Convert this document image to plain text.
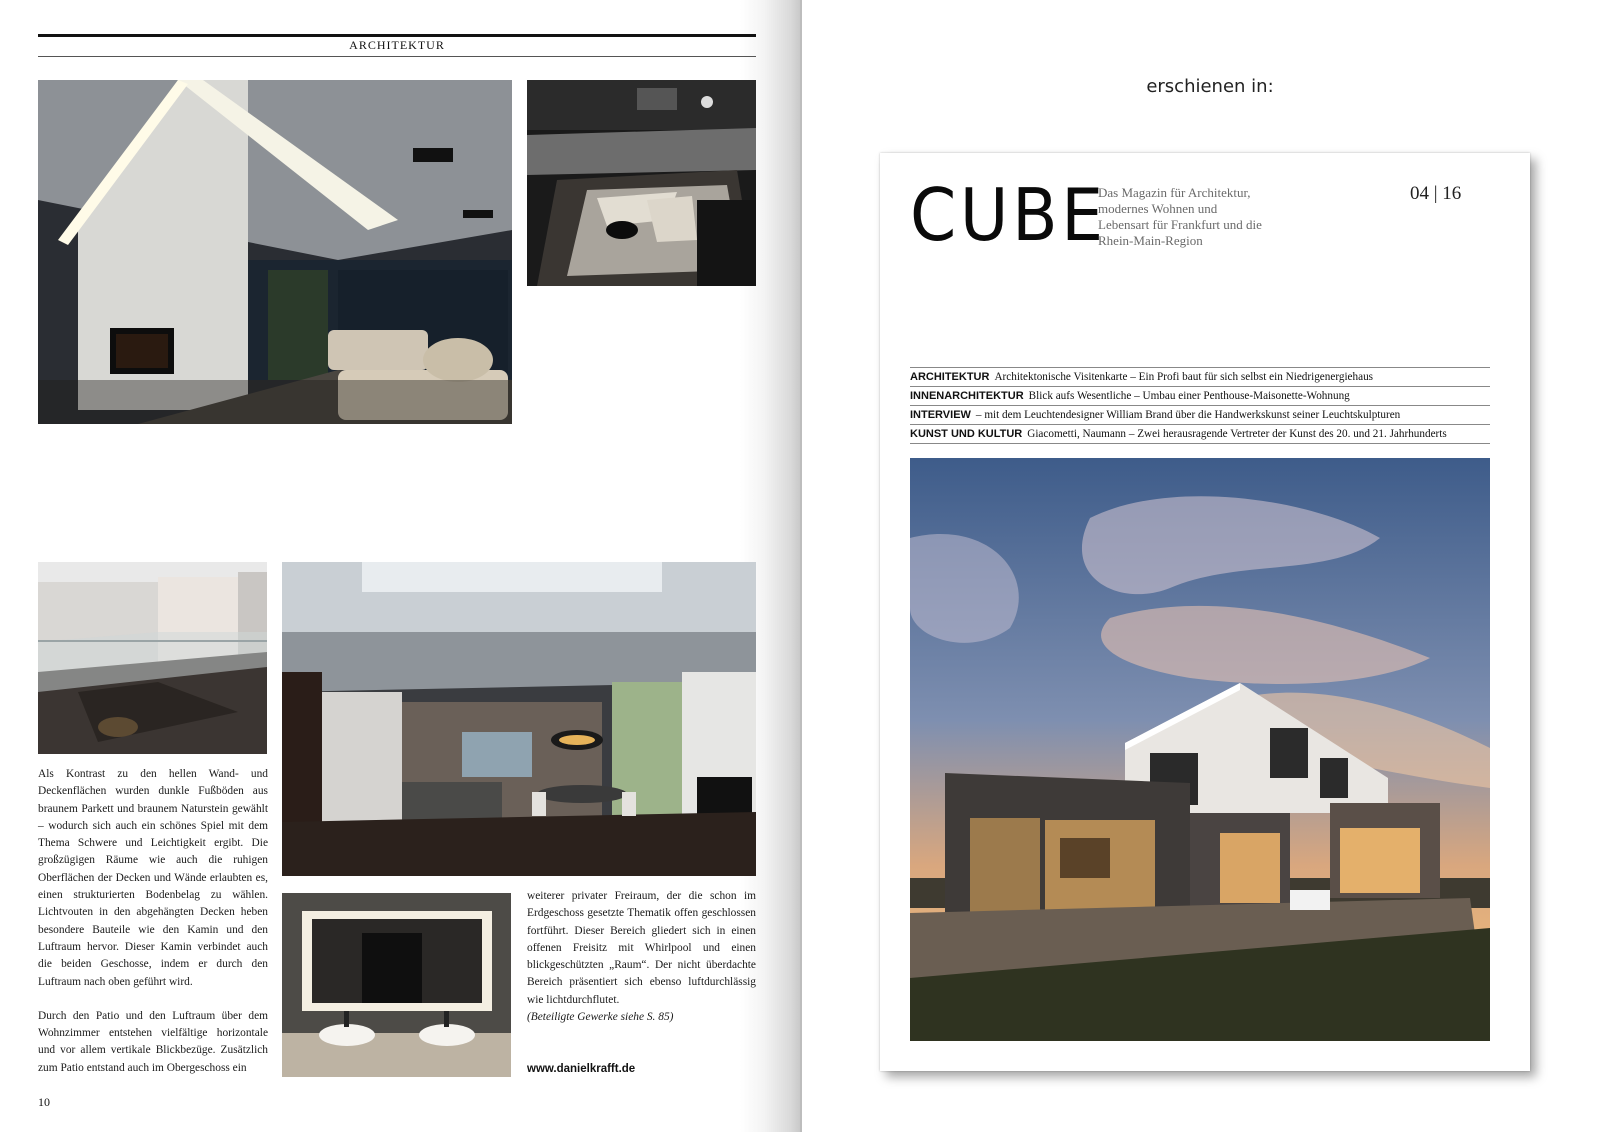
ARCHITEKTUR

Als Kontrast zu den hellen Wand- und Deckenflächen wurden dunkle Fußböden aus braunem Parkett und braunem Naturstein gewählt – wodurch sich auch ein schönes Spiel mit dem Thema Schwere und Leichtigkeit ergibt. Die großzügigen Räume wie auch die ruhigen Oberflächen der Decken und Wände erlaubten es, einen strukturierten Bodenbelag zu wählen. Lichtvouten in den abgehängten Decken heben besondere Bauteile wie den Kamin und den Luftraum hervor. Dieser Kamin verbindet auch die beiden Geschosse, indem er durch den Luftraum nach oben geführt wird.

Durch den Patio und den Luftraum über dem Wohnzimmer entstehen vielfältige horizontale und vor allem vertikale Blickbezüge. Zusätzlich zum Patio entstand auch im Obergeschoss ein

weiterer privater Freiraum, der die schon im Erdgeschoss gesetzte Thematik offen geschlossen fortführt. Dieser Bereich gliedert sich in einen offenen Freisitz mit Whirlpool und einen blickgeschützten „Raum“. Der nicht überdachte Bereich präsentiert sich ebenso luftdurchlässig wie lichtdurchflutet.

(Beteiligte Gewerke siehe S. 85)

www.danielkrafft.de
10
erschienen in:
CUBE
Das Magazin für Architektur, modernes Wohnen und Lebensart für Frankfurt und die Rhein-Main-Region
04 | 16
ARCHITEKTUR Architektonische Visitenkarte – Ein Profi baut für sich selbst ein Niedrigenergiehaus
INNENARCHITEKTUR Blick aufs Wesentliche – Umbau einer Penthouse-Maisonette-Wohnung
INTERVIEW – mit dem Leuchtendesigner William Brand über die Handwerkskunst seiner Leuchtskulpturen
KUNST UND KULTUR Giacometti, Naumann – Zwei herausragende Vertreter der Kunst des 20. und 21. Jahrhunderts
